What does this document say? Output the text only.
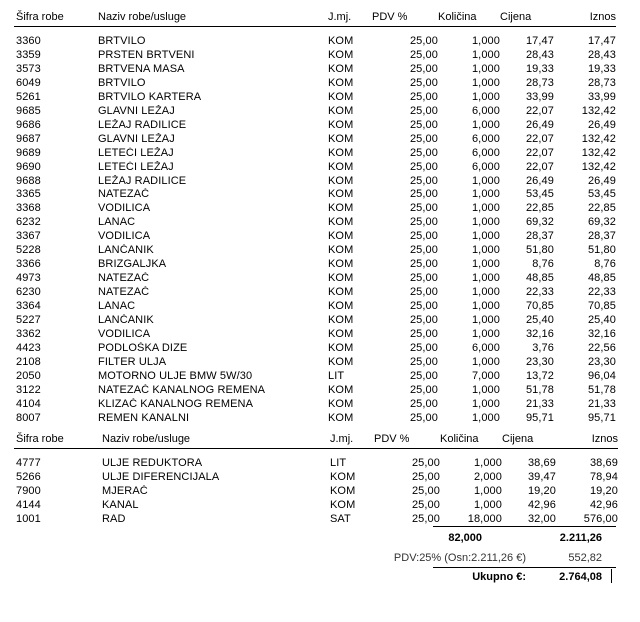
Šifra robe	Naziv robe/usluge	J.mj.	PDV %	Količina	Cijena	Iznos

3360	BRTVILO	KOM	25,00	1,000	17,47	17,47
3359	PRSTEN BRTVENI	KOM	25,00	1,000	28,43	28,43
3573	BRTVENA MASA	KOM	25,00	1,000	19,33	19,33
6049	BRTVILO	KOM	25,00	1,000	28,73	28,73
5261	BRTVILO KARTERA	KOM	25,00	1,000	33,99	33,99
9685	GLAVNI LEŽAJ	KOM	25,00	6,000	22,07	132,42
9686	LEŽAJ RADILICE	KOM	25,00	1,000	26,49	26,49
9687	GLAVNI LEŽAJ	KOM	25,00	6,000	22,07	132,42
9689	LETEĆI LEŽAJ	KOM	25,00	6,000	22,07	132,42
9690	LETEĆI LEŽAJ	KOM	25,00	6,000	22,07	132,42
9688	LEŽAJ RADILICE	KOM	25,00	1,000	26,49	26,49
3365	NATEZAČ	KOM	25,00	1,000	53,45	53,45
3368	VODILICA	KOM	25,00	1,000	22,85	22,85
6232	LANAC	KOM	25,00	1,000	69,32	69,32
3367	VODILICA	KOM	25,00	1,000	28,37	28,37
5228	LANČANIK	KOM	25,00	1,000	51,80	51,80
3366	BRIZGALJKA	KOM	25,00	1,000	8,76	8,76
4973	NATEZAČ	KOM	25,00	1,000	48,85	48,85
6230	NATEZAČ	KOM	25,00	1,000	22,33	22,33
3364	LANAC	KOM	25,00	1,000	70,85	70,85
5227	LANČANIK	KOM	25,00	1,000	25,40	25,40
3362	VODILICA	KOM	25,00	1,000	32,16	32,16
4423	PODLOŠKA DIZE	KOM	25,00	6,000	3,76	22,56
2108	FILTER ULJA	KOM	25,00	1,000	23,30	23,30
2050	MOTORNO ULJE BMW 5W/30	LIT	25,00	7,000	13,72	96,04
3122	NATEZAČ KANALNOG REMENA	KOM	25,00	1,000	51,78	51,78
4104	KLIZAČ KANALNOG REMENA	KOM	25,00	1,000	21,33	21,33
8007	REMEN KANALNI	KOM	25,00	1,000	95,71	95,71
Šifra robe	Naziv robe/usluge	J.mj.	PDV %	Količina	Cijena	Iznos

4777	ULJE REDUKTORA	LIT	25,00	1,000	38,69	38,69
5266	ULJE DIFERENCIJALA	KOM	25,00	2,000	39,47	78,94
7900	MJERAČ	KOM	25,00	1,000	19,20	19,20
4144	KANAL	KOM	25,00	1,000	42,96	42,96
1001	RAD	SAT	25,00	18,000	32,00	576,00
82,000	2.211,26
PDV:25% (Osn:2.211,26 €)	552,82
Ukupno €:	2.764,08
